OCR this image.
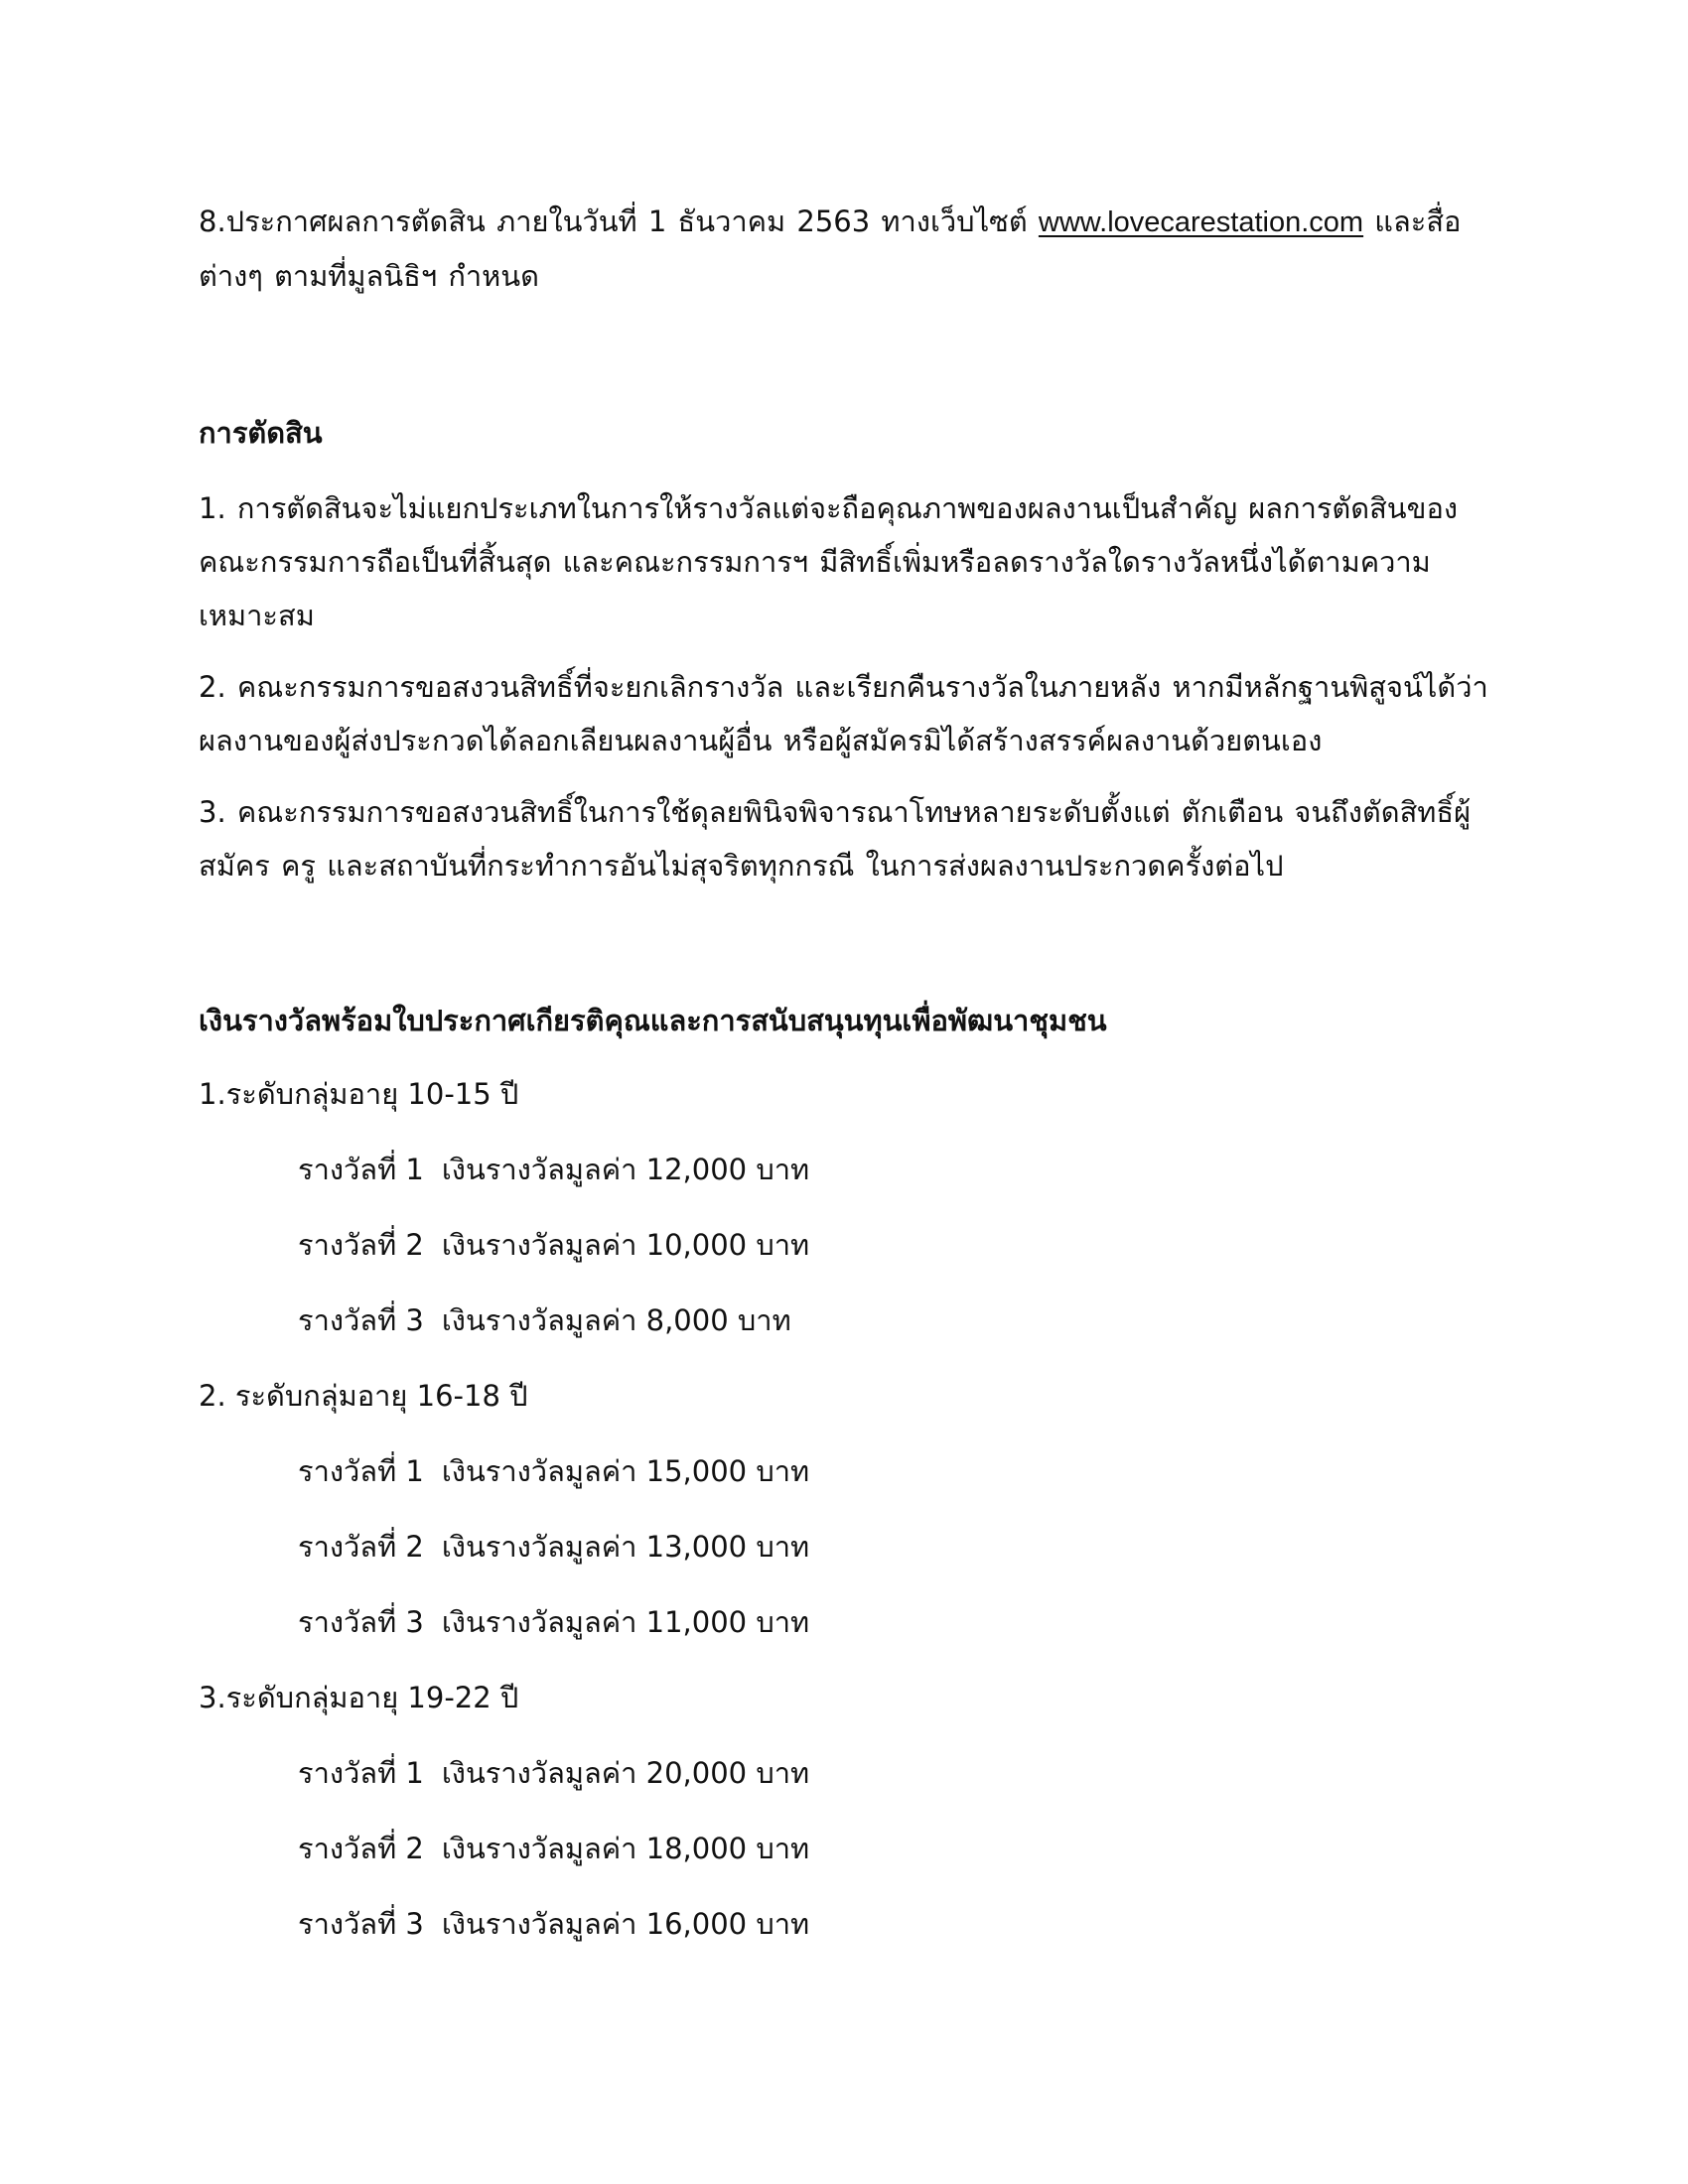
8.ประกาศผลการตัดสิน ภายในวันที่ 1 ธันวาคม 2563 ทางเว็บไซต์ www.lovecarestation.com และสื่อต่างๆ ตามที่มูลนิธิฯ กำหนด

การตัดสิน

1. การตัดสินจะไม่แยกประเภทในการให้รางวัลแต่จะถือคุณภาพของผลงานเป็นสำคัญ ผลการตัดสินของคณะกรรมการถือเป็นที่สิ้นสุด และคณะกรรมการฯ มีสิทธิ์เพิ่มหรือลดรางวัลใดรางวัลหนึ่งได้ตามความเหมาะสม

2. คณะกรรมการขอสงวนสิทธิ์ที่จะยกเลิกรางวัล และเรียกคืนรางวัลในภายหลัง หากมีหลักฐานพิสูจน์ได้ว่าผลงานของผู้ส่งประกวดได้ลอกเลียนผลงานผู้อื่น หรือผู้สมัครมิได้สร้างสรรค์ผลงานด้วยตนเอง

3. คณะกรรมการขอสงวนสิทธิ์ในการใช้ดุลยพินิจพิจารณาโทษหลายระดับตั้งแต่ ตักเตือน จนถึงตัดสิทธิ์ผู้สมัคร ครู และสถาบันที่กระทำการอันไม่สุจริตทุกกรณี ในการส่งผลงานประกวดครั้งต่อไป

เงินรางวัลพร้อมใบประกาศเกียรติคุณและการสนับสนุนทุนเพื่อพัฒนาชุมชน

1.ระดับกลุ่มอายุ 10-15 ปี

รางวัลที่ 1 เงินรางวัลมูลค่า 12,000 บาท
รางวัลที่ 2 เงินรางวัลมูลค่า 10,000 บาท
รางวัลที่ 3 เงินรางวัลมูลค่า 8,000 บาท

2. ระดับกลุ่มอายุ 16-18 ปี

รางวัลที่ 1 เงินรางวัลมูลค่า 15,000 บาท
รางวัลที่ 2 เงินรางวัลมูลค่า 13,000 บาท
รางวัลที่ 3 เงินรางวัลมูลค่า 11,000 บาท

3.ระดับกลุ่มอายุ 19-22 ปี

รางวัลที่ 1 เงินรางวัลมูลค่า 20,000 บาท
รางวัลที่ 2 เงินรางวัลมูลค่า 18,000 บาท
รางวัลที่ 3 เงินรางวัลมูลค่า 16,000 บาท
